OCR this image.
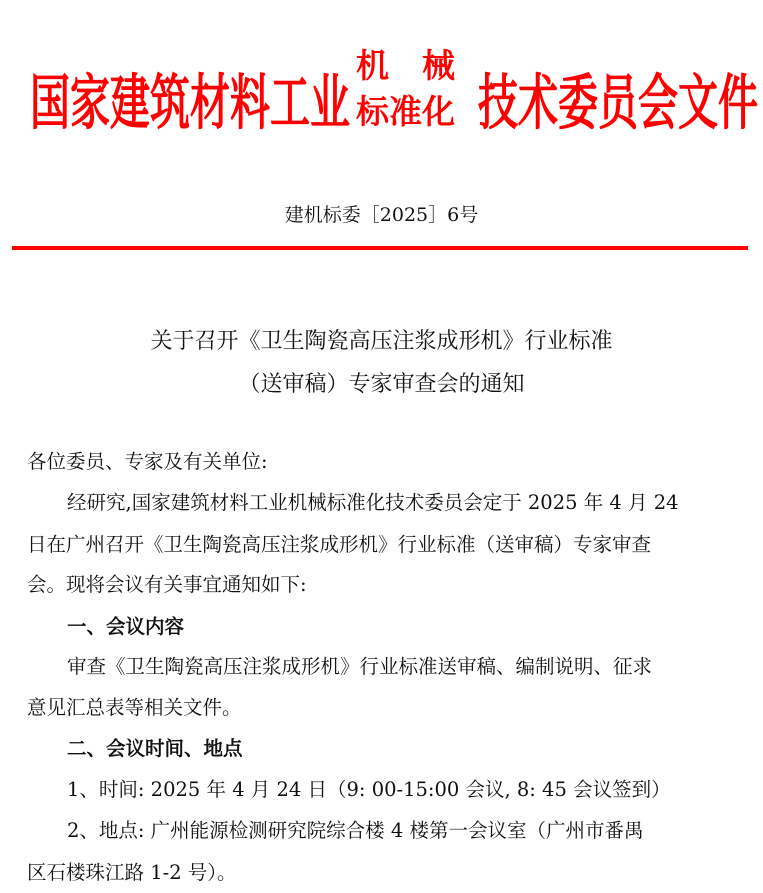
国家建筑材料工业
机　械
标准化 技术委员会文件
建机标委［2025］6号
关于召开《卫生陶瓷高压注浆成形机》行业标准
（送审稿）专家审查会的通知
各位委员、专家及有关单位:
经研究,国家建筑材料工业机械标准化技术委员会定于 2025 年 4 月 24
日在广州召开《卫生陶瓷高压注浆成形机》行业标准（送审稿）专家审查
会。现将会议有关事宜通知如下:
一、会议内容
审查《卫生陶瓷高压注浆成形机》行业标准送审稿、编制说明、征求
意见汇总表等相关文件。
二、会议时间、地点
1、时间: 2025 年 4 月 24 日（9: 00-15:00 会议, 8: 45 会议签到）
2、地点: 广州能源检测研究院综合楼 4 楼第一会议室（广州市番禺
区石楼珠江路 1-2 号）。
